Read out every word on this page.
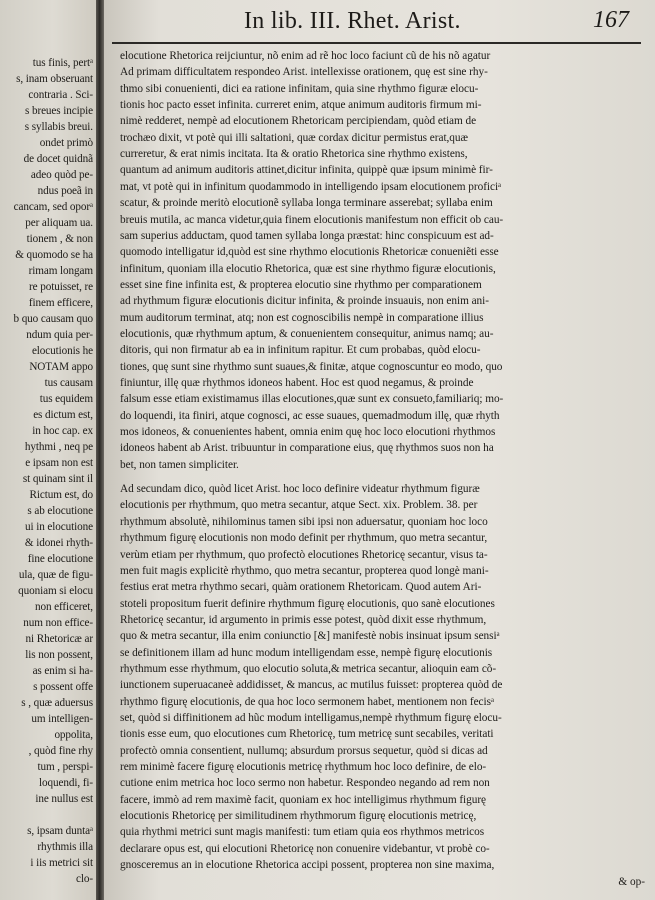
tus finis, pertᵃ
s, inam obseruant
contraria . Sci-
s breues incipie
s syllabis breui.
ondet primò
de docet quidnã
adeo quòd pe-
ndus poeã in
cancam, sed oporᵃ
per aliquam ua.
tionem , & non
& quomodo se ha
rimam longam
re potuisset, re
finem efficere,
b quo causam quo
ndum quia per-
elocutionis he
NOTAM appo
tus causam
tus equidem
es dictum est,
in hoc cap. ex
hythmi , neq pe
e ipsam non est
st quinam sint il
Rictum est, do
s ab elocutione
ui in elocutione
& idonei rhyth-
fine elocutione
ula, quæ de figu-
quoniam si elocu
non efficeret,
num non effice-
ni Rhetoricæ ar
lis non possent,
as enim si ha-
s possent offe
s , quæ aduersus
um intelligen-
oppolita,
, quòd fine rhy
tum , perspi-
loquendi, fi-
ine nullus est
s, ipsam duntaᵃ
rhythmis illa
i iis metrici sit
clo-
In lib. III. Rhet. Arist.	167
elocutione Rhetorica reijciuntur, nõ enim ad rẽ hoc loco faciunt cũ de his nõ agatur
Ad primam difficultatem respondeo Arist. intellexisse orationem, quę est sine rhy-
thmo sibi conuenienti, dici ea ratione infinitam, quia sine rhythmo figuræ elocu-
tionis hoc pacto esset infinita. curreret enim, atque animum auditoris firmum mi-
nimè redderet, nempè ad elocutionem Rhetoricam percipiendam, quòd etiam de
trochæo dixit, vt potè qui illi saltationi, quæ cordax dicitur permistus erat,quæ
curreretur, & erat nimis incitata. Ita & oratio Rhetorica sine rhythmo existens,
quantum ad animum auditoris attinet,dicitur infinita, quippè quæ ipsum minimè fir-
mat, vt potè qui in infinitum quodammodo in intelligendo ipsam elocutionem proficiᵃ
scatur, & proinde meritò elocutionẽ syllaba longa terminare asserebat; syllaba enim
breuis mutila, ac manca videtur,quia finem elocutionis manifestum non efficit ob cau-
sam superius adductam, quod tamen syllaba longa præstat: hinc conspicuum est ad-
quomodo intelligatur id,quòd est sine rhythmo elocutionis Rhetoricæ conueniẽti esse
infinitum, quoniam illa elocutio Rhetorica, quæ est sine rhythmo figuræ elocutionis,
esset sine fine infinita est, & propterea elocutio sine rhythmo per comparationem
ad rhythmum figuræ elocutionis dicitur infinita, & proinde insuauis, non enim ani-
mum auditorum terminat, atq; non est cognoscibilis nempè in comparatione illius
elocutionis, quæ rhythmum aptum, & conuenientem consequitur, animus namq; au-
ditoris, qui non firmatur ab ea in infinitum rapitur. Et cum probabas, quòd elocu-
tiones, quę sunt sine rhythmo sunt suaues,& finitæ, atque cognoscuntur eo modo, quo
finiuntur, illę quæ rhythmos idoneos habent. Hoc est quod negamus, & proinde
falsum esse etiam existimamus illas elocutiones,quæ sunt ex consueto,familiariq; mo-
do loquendi, ita finiri, atque cognosci, ac esse suaues, quemadmodum illę, quæ rhyth
mos idoneos, & conuenientes habent, omnia enim quę hoc loco elocutioni rhythmos
idoneos habent ab Arist. tribuuntur in comparatione eius, quę rhythmos suos non ha
bet, non tamen simpliciter.
Ad secundam dico, quòd licet Arist. hoc loco definire videatur rhythmum figuræ
elocutionis per rhythmum, quo metra secantur, atque Sect. xix. Problem. 38. per
rhythmum absolutè, nihilominus tamen sibi ipsi non aduersatur, quoniam hoc loco
rhythmum figurę elocutionis non modo definit per rhythmum, quo metra secantur,
verùm etiam per rhythmum, quo profectò elocutiones Rhetoricę secantur, visus ta-
men fuit magis explicitè rhythmo, quo metra secantur, propterea quod longè mani-
festius erat metra rhythmo secari, quàm orationem Rhetoricam. Quod autem Ari-
stoteli propositum fuerit definire rhythmum figurę elocutionis, quo sanè elocutiones
Rhetoricę secantur, id argumento in primis esse potest, quòd dixit esse rhythmum,
quo & metra secantur, illa enim coniunctio [&] manifestè nobis insinuat ipsum sensiᵃ
se definitionem illam ad hunc modum intelligendam esse, nempè figurę elocutionis
rhythmum esse rhythmum, quo elocutio soluta,& metrica secantur, alioquin eam cõ-
iunctionem superuacaneè addidisset, & mancus, ac mutilus fuisset: propterea quòd de
rhythmo figurę elocutionis, de qua hoc loco sermonem habet, mentionem non fecisᵃ
set, quòd si diffinitionem ad hũc modum intelligamus,nempè rhythmum figurę elocu-
tionis esse eum, quo elocutiones cum Rhetoricę, tum metricę sunt secabiles, veritati
profectò omnia consentient, nullumq; absurdum prorsus sequetur, quòd si dicas ad
rem minimè facere figurę elocutionis metricę rhythmum hoc loco definire, de elo-
cutione enim metrica hoc loco sermo non habetur. Respondeo negando ad rem non
facere, immò ad rem maximè facit, quoniam ex hoc intelligimus rhythmum figurę
elocutionis Rhetoricę per similitudinem rhythmorum figurę elocutionis metricę,
quia rhythmi metrici sunt magis manifesti: tum etiam quia eos rhythmos metricos
declarare opus est, qui elocutioni Rhetoricę non conuenire videbantur, vt probè co-
gnosceremus an in elocutione Rhetorica accipi possent, propterea non sine maxima,
& op-
